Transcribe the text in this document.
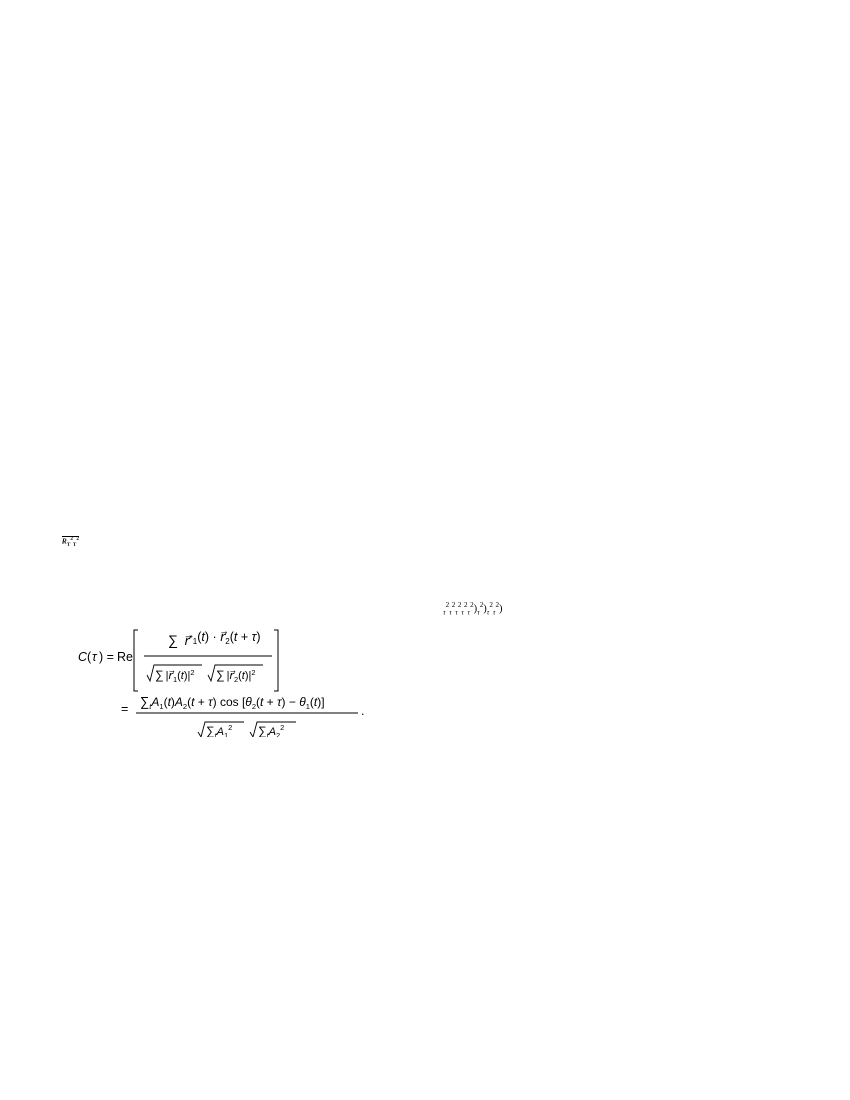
$R_T^2_T^2$

C ( τ ) = Re
∑ $r⃗^*_1(t)$ · $r⃗_2(t + \tau)$
∑ $|r⃗_1(t)|^2$ ∑ $|r⃗_2(t)|^2$
= $\sum_tA_1(t)A_2(t + \tau)$ $\cos [\theta_2(t + \tau) - \theta_1(t)]$
$\sum_tA_1^2$ $\sum_tA_2^2$
.

$_\tau^2_\tau^2_\tau^2_\tau^2_\tau^2)_\tau^2)_\tau^2_\tau^2$)
